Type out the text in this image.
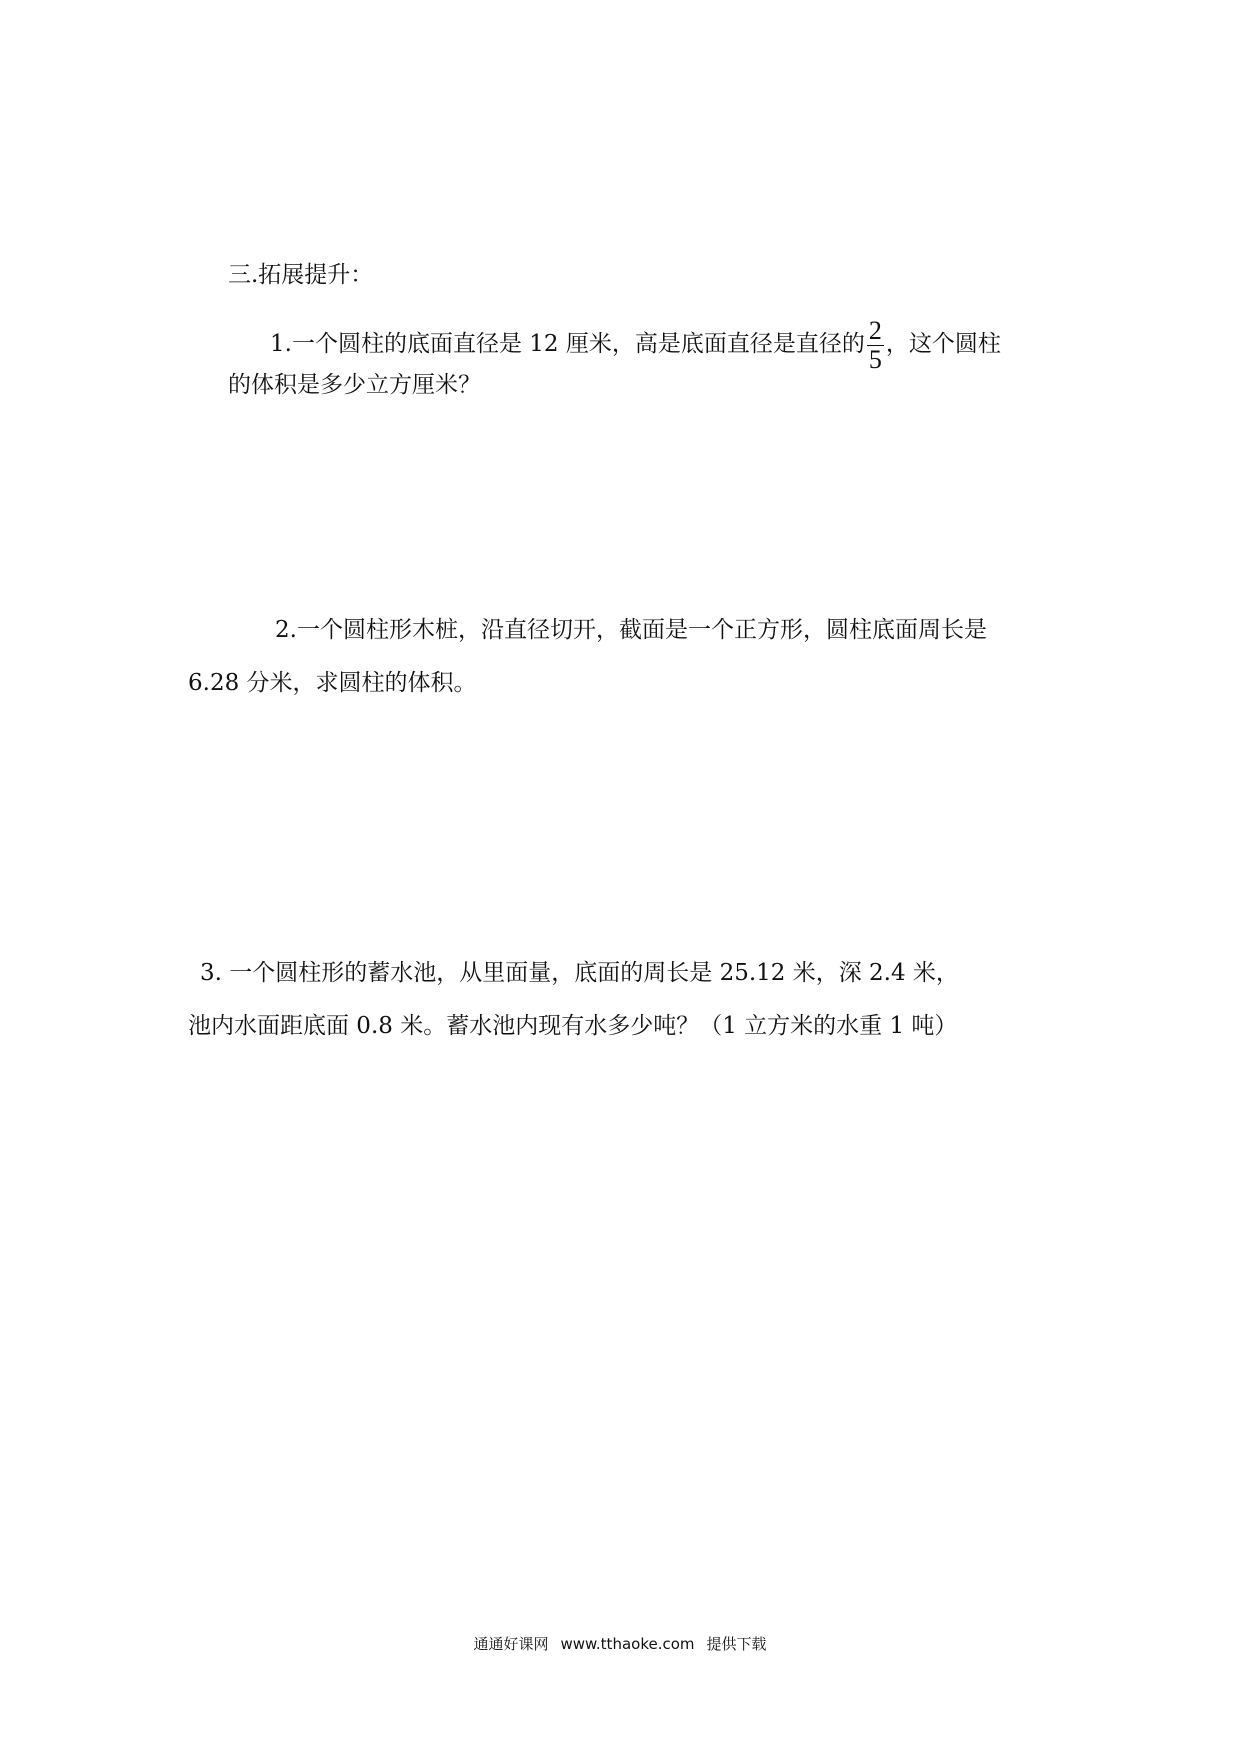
三.拓展提升：
1.一个圆柱的底面直径是 12 厘米，高是底面直径是直径的 $\frac{2}{5}$ ，这个圆柱
的体积是多少立方厘米？
2.一个圆柱形木桩，沿直径切开，截面是一个正方形，圆柱底面周长是
6.28 分米，求圆柱的体积。
3. 一个圆柱形的蓄水池，从里面量，底面的周长是 25.12 米，深 2.4 米，
池内水面距底面 0.8 米。蓄水池内现有水多少吨？（1 立方米的水重 1 吨）
通通好课网 www.tthaoke.com 提供下载
